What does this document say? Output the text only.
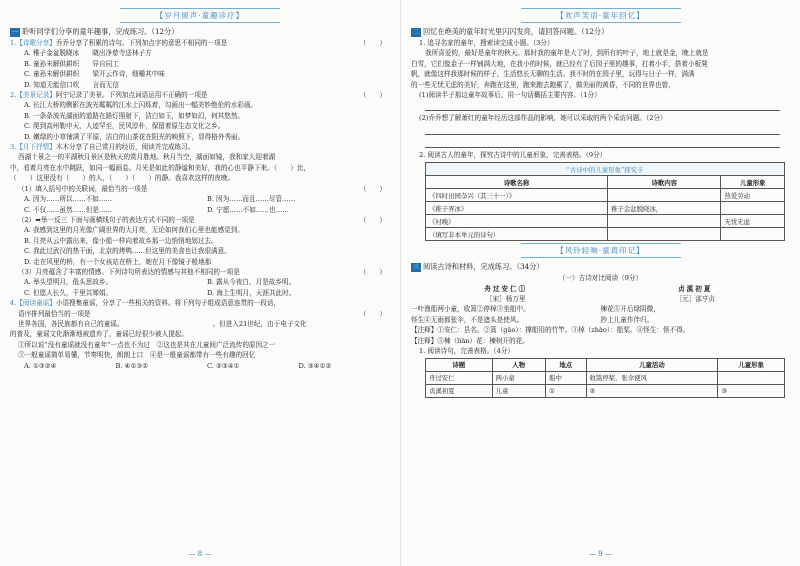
【岁月留声·童趣诊疗】
一 聆听同学们分享的童年趣事，完成练习。（12分）
1.【诗歌分享】乔乔分享了积累的诗句。下列加点字的意思不相同的一项是	（　　）
A. 稚子金盆脱晓冰　　晓出净慈寺送林子方
B. 童孙未解供耕织　　异自同工
C. 童孙未解供耕织　　梁开云作诗，细嚼其中味
D. 知道无能信口吹　　言而无信
2.【美景记录】阿宁记录了美景。下列加点词语运用不正确的一项是	（　　）
A. 长江大桥的侧影在波光粼粼的江水上闪烁着，勾画出一幅美妙绝伦的水彩画。
B. 一条条波光湖面的道路在路灯照射下，洁白如玉，如梦如幻，何其悠然。
C. 爬到高州勒申天，人迹罕至，民风淳朴，保留着原生态文化之乡。
D. 嫩绿的小草铺满了平原，洁白的山茶花在阳光的映照下，显得格外秀丽。
3.【月下抒情】木木分享了自己赏月的经历，阅读并完成练习。
西湖十景之一的平湖秋月景区是秋天的赏月胜地。秋月当空，湖面如镜，我和家人迎着湖
中，看着月亮在水中跳跃，如同一幅画卷。月光是如此的静谧和美好，我的心也平静下来。（　　）比，
（　　）这里没有（　　）的人，（　　）（　　）的静。我喜欢这样的夜晚。
（1）填入括号中的关联词，最恰当的一项是	（　　）
A. 因为……所以……不如……	B. 因为……而且……尽管……
C. 不仅……虽然……但是……	D. 宁愿……不如……也……
（2）➡举一反三 下面与画横线句子的表达方式不同的一项是	（　　）
A. 我感到这里的月光像广阔世界的大月亮，无论如何我们心里也能感觉到。
B. 月亮从云中露出来，像小船一样向着故乡那一边悄悄地划过去。
C. 我此过武汉的热干面，北京的烤鸭……但这里的美食也让我很满意。
D. 走在风里的桥，有一个女孩站在桥上，她在月下像镜子般地那
（3）月亮蕴含了丰富的情感。下列诗句所表达的情感与其他不相同的一项是	（　　）
A. 举头望明月，低头思故乡。	B. 露从今夜白，月是故乡明。
C. 但愿人长久，千里共婵娟。	D. 海上生明月，天涯共此时。
4.【阅读童谣】小语搜集童谣，分享了一些相关的资料。将下列句子组成语意连贯的一段话，
语序排列最恰当的一项是	（　　）
世界各国，各民族都有自己的童谣。　　　　　　　　　　　　　　。但进入21世纪，由于电子文化
的普及，童谣文化渐渐地被遗弃了，童谣已经很少被人提起。
①所以说“没有童谣就没有童年”一点也不为过　②这也是其在儿童间广泛流传的原因之一
③一般童谣简单易懂，节奏明快，朗朗上口　④是一般童谣都带有一些有趣的回忆
A. ①③②④	B. ④①③②	C. ②③④①	D. ③④①②
— 8 —
【欢声笑语·童年回忆】
二 回忆在绝美的童年时光里闪闪发亮，请回答问题。（12分）
1. 追寻名家的童年，搜索读完成小题。（3分）
我所喜爱的，最好是童年的秋天。那时我的童年是大了时，到所有的叶子，地上就是金，晚上就是
白雪，它们像金子一样铺满大地，在我小的时候，就已经有了后园子里的趣事，打着小手，搭着小板凳
帆，就像这样我那时候的样子，生活悠长无聊的生活。我不时的在园子里，玩得与日子一样，满满
的一些无忧无虑的美好，奔跑在这里，跑来跑去跑累了，做美丽的黄昏，不同的世界也曾，
(1)阅读半子那边童年故事后，用一句话概括主要内容。（1分）
(2)乔乔想了解萧红的童年经历这部作品的影响，她可以采取的两个采访问题。（2分）
2. 阅读古人的童年，探究古诗中的儿童形象，完善表格。（9分）
“古诗中的儿童形象”探究卡		
诗歌名称	诗歌内容	儿童形象
《四时田园杂兴（其三十一）》		热爱劳动
《稚子弄冰》	稚子金盆脱晓冰，	
《村晚》		无忧无虑
（填写非本单元的诗句）		
【风铃轻响·童真印记】
三 阅读古诗和材料，完成练习。（34分）
（一）古诗对比阅读（9分）
舟过安仁①
［宋］杨万里
一叶渔船两小童，收篙②停棹③坐船中。
怪生④无雨都张伞，不是遮头是使风。
贞溪初夏
［元］邵亨贞
楝花⑤开后绿阴微，
抄上儿童作伴归。
【注释】①安仁：县名。②篙（gāo）：撑船用的竹竿。③棹（zhào）：船桨。④怪生：怪不得。
【注释】⑤楝（liàn）花：楝树开的花。
1. 阅读诗句，完善表格。（4分）
诗题	人物	地点	儿童活动	儿童形象
舟过安仁	两小童	船中	收篙停桨，张伞使风	
贞溪初夏	儿童	①	②	③
— 9 —
